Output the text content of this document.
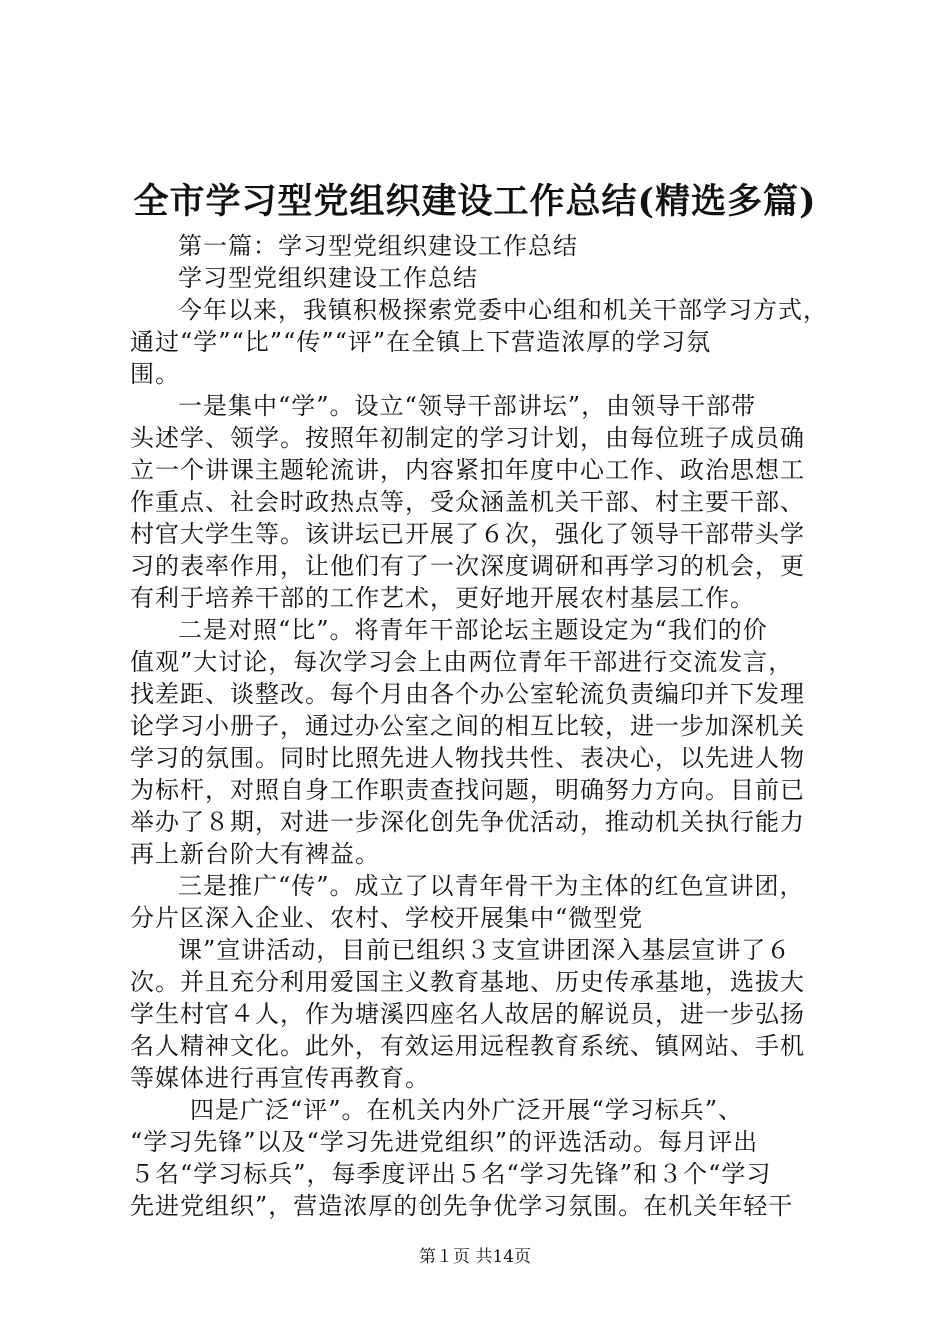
全市学习型党组织建设工作总结(精选多篇)
第一篇：学习型党组织建设工作总结
学习型党组织建设工作总结
今年以来，我镇积极探索党委中心组和机关干部学习方式，
通过“学”“比”“传”“评”在全镇上下营造浓厚的学习氛
围。
一是集中“学”。设立“领导干部讲坛”，由领导干部带
头述学、领学。按照年初制定的学习计划，由每位班子成员确
立一个讲课主题轮流讲，内容紧扣年度中心工作、政治思想工
作重点、社会时政热点等，受众涵盖机关干部、村主要干部、
村官大学生等。该讲坛已开展了６次，强化了领导干部带头学
习的表率作用，让他们有了一次深度调研和再学习的机会，更
有利于培养干部的工作艺术，更好地开展农村基层工作。
二是对照“比”。将青年干部论坛主题设定为“我们的价
值观”大讨论，每次学习会上由两位青年干部进行交流发言，
找差距、谈整改。每个月由各个办公室轮流负责编印并下发理
论学习小册子，通过办公室之间的相互比较，进一步加深机关
学习的氛围。同时比照先进人物找共性、表决心，以先进人物
为标杆，对照自身工作职责查找问题，明确努力方向。目前已
举办了８期，对进一步深化创先争优活动，推动机关执行能力
再上新台阶大有裨益。
三是推广“传”。成立了以青年骨干为主体的红色宣讲团，
分片区深入企业、农村、学校开展集中“微型党
课”宣讲活动，目前已组织３支宣讲团深入基层宣讲了６
次。并且充分利用爱国主义教育基地、历史传承基地，选拔大
学生村官４人，作为塘溪四座名人故居的解说员，进一步弘扬
名人精神文化。此外，有效运用远程教育系统、镇网站、手机
等媒体进行再宣传再教育。
四是广泛“评”。在机关内外广泛开展“学习标兵”、
“学习先锋”以及“学习先进党组织”的评选活动。每月评出
５名“学习标兵”，每季度评出５名“学习先锋”和３个“学习
先进党组织”，营造浓厚的创先争优学习氛围。在机关年轻干
第１页 共14页
